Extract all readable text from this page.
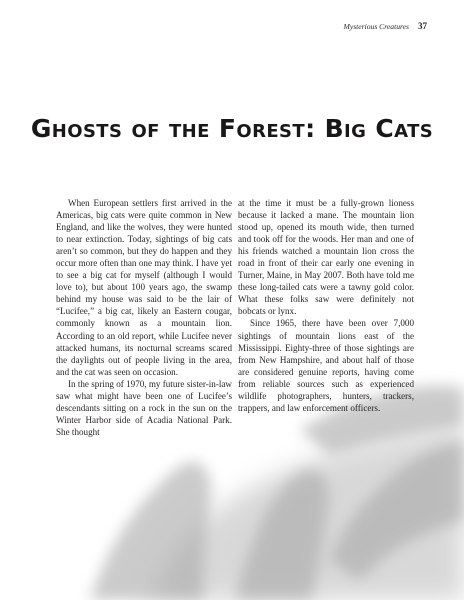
Mysterious Creatures 37
Ghosts of the Forest: Big Cats

When European settlers first arrived in the Americas, big cats were quite common in New England, and like the wolves, they were hunted to near extinction. Today, sightings of big cats aren’t so common, but they do happen and they occur more often than one may think. I have yet to see a big cat for myself (although I would love to), but about 100 years ago, the swamp behind my house was said to be the lair of “Lucifee,” a big cat, likely an Eastern cougar, commonly known as a mountain lion. According to an old report, while Lucifee never attacked humans, its nocturnal screams scared the daylights out of people living in the area, and the cat was seen on occasion.

In the spring of 1970, my future sister-in-law saw what might have been one of Lucifee’s descendants sitting on a rock in the sun on the Winter Harbor side of Acadia National Park. She thought

at the time it must be a fully-grown lioness because it lacked a mane. The mountain lion stood up, opened its mouth wide, then turned and took off for the woods. Her man and one of his friends watched a mountain lion cross the road in front of their car early one evening in Turner, Maine, in May 2007. Both have told me these long-tailed cats were a tawny gold color. What these folks saw were definitely not bobcats or lynx.

Since 1965, there have been over 7,000 sightings of mountain lions east of the Mississippi. Eighty-three of those sightings are from New Hampshire, and about half of those are considered genuine reports, having come from reliable sources such as experienced wildlife photographers, hunters, trackers, trappers, and law enforcement officers.
